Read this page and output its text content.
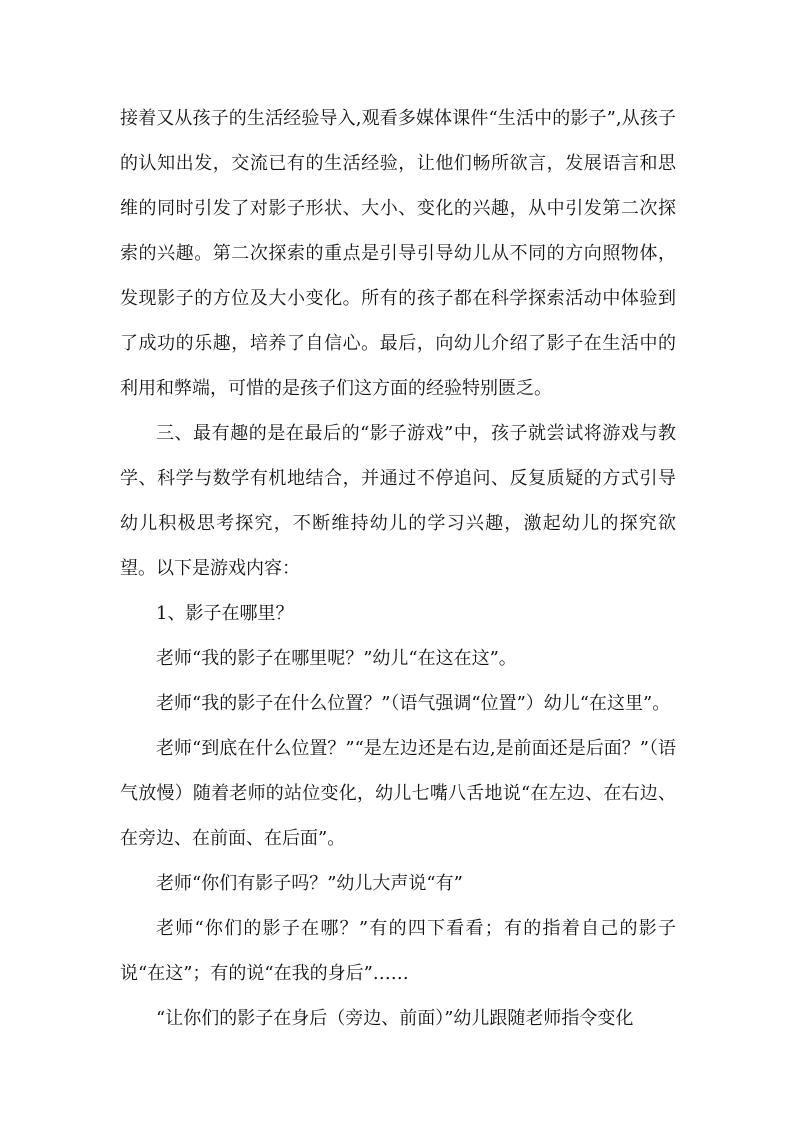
接着又从孩子的生活经验导入,观看多媒体课件“生活中的影子”,从孩子的认知出发，交流已有的生活经验，让他们畅所欲言，发展语言和思维的同时引发了对影子形状、大小、变化的兴趣，从中引发第二次探索的兴趣。第二次探索的重点是引导引导幼儿从不同的方向照物体，发现影子的方位及大小变化。所有的孩子都在科学探索活动中体验到了成功的乐趣，培养了自信心。最后，向幼儿介绍了影子在生活中的利用和弊端，可惜的是孩子们这方面的经验特别匮乏。

三、最有趣的是在最后的“影子游戏”中，孩子就尝试将游戏与教学、科学与数学有机地结合，并通过不停追问、反复质疑的方式引导幼儿积极思考探究，不断维持幼儿的学习兴趣，激起幼儿的探究欲望。以下是游戏内容：

1、影子在哪里？

老师“我的影子在哪里呢？”幼儿“在这在这”。

老师“我的影子在什么位置？”（语气强调“位置”）幼儿“在这里”。

老师“到底在什么位置？”“是左边还是右边,是前面还是后面？”（语气放慢）随着老师的站位变化，幼儿七嘴八舌地说“在左边、在右边、在旁边、在前面、在后面”。

老师“你们有影子吗？”幼儿大声说“有”

老师“你们的影子在哪？”有的四下看看；有的指着自己的影子说“在这”；有的说“在我的身后”……

“让你们的影子在身后（旁边、前面）”幼儿跟随老师指令变化
